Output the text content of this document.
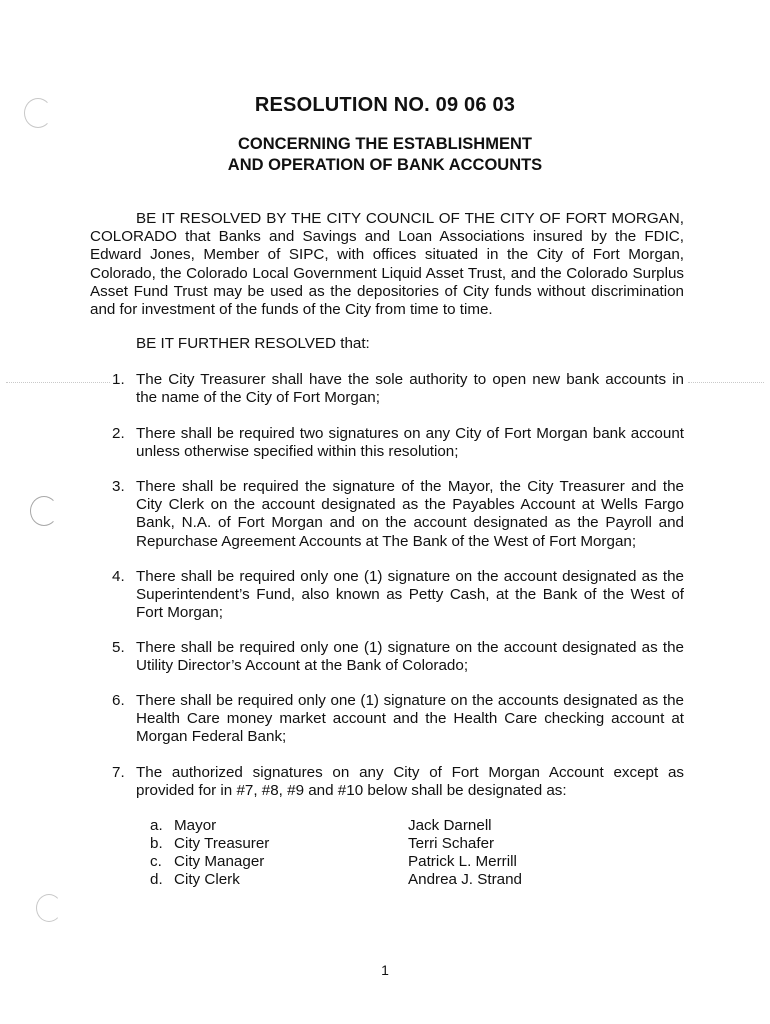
RESOLUTION NO. 09 06 03
CONCERNING THE ESTABLISHMENT
AND OPERATION OF BANK ACCOUNTS

BE IT RESOLVED BY THE CITY COUNCIL OF THE CITY OF FORT MORGAN, COLORADO that Banks and Savings and Loan Associations insured by the FDIC, Edward Jones, Member of SIPC, with offices situated in the City of Fort Morgan, Colorado, the Colorado Local Government Liquid Asset Trust, and the Colorado Surplus Asset Fund Trust may be used as the depositories of City funds without discrimination and for investment of the funds of the City from time to time.

BE IT FURTHER RESOLVED that:

1. The City Treasurer shall have the sole authority to open new bank accounts in the name of the City of Fort Morgan;
2. There shall be required two signatures on any City of Fort Morgan bank account unless otherwise specified within this resolution;
3. There shall be required the signature of the Mayor, the City Treasurer and the City Clerk on the account designated as the Payables Account at Wells Fargo Bank, N.A. of Fort Morgan and on the account designated as the Payroll and Repurchase Agreement Accounts at The Bank of the West of Fort Morgan;
4. There shall be required only one (1) signature on the account designated as the Superintendent’s Fund, also known as Petty Cash, at the Bank of the West of Fort Morgan;
5. There shall be required only one (1) signature on the account designated as the Utility Director’s Account at the Bank of Colorado;
6. There shall be required only one (1) signature on the accounts designated as the Health Care money market account and the Health Care checking account at Morgan Federal Bank;
7. The authorized signatures on any City of Fort Morgan Account except as provided for in #7, #8, #9 and #10 below shall be designated as:
a. Mayor	Jack Darnell
b. City Treasurer	Terri Schafer
c. City Manager	Patrick L. Merrill
d. City Clerk	Andrea J. Strand
1
